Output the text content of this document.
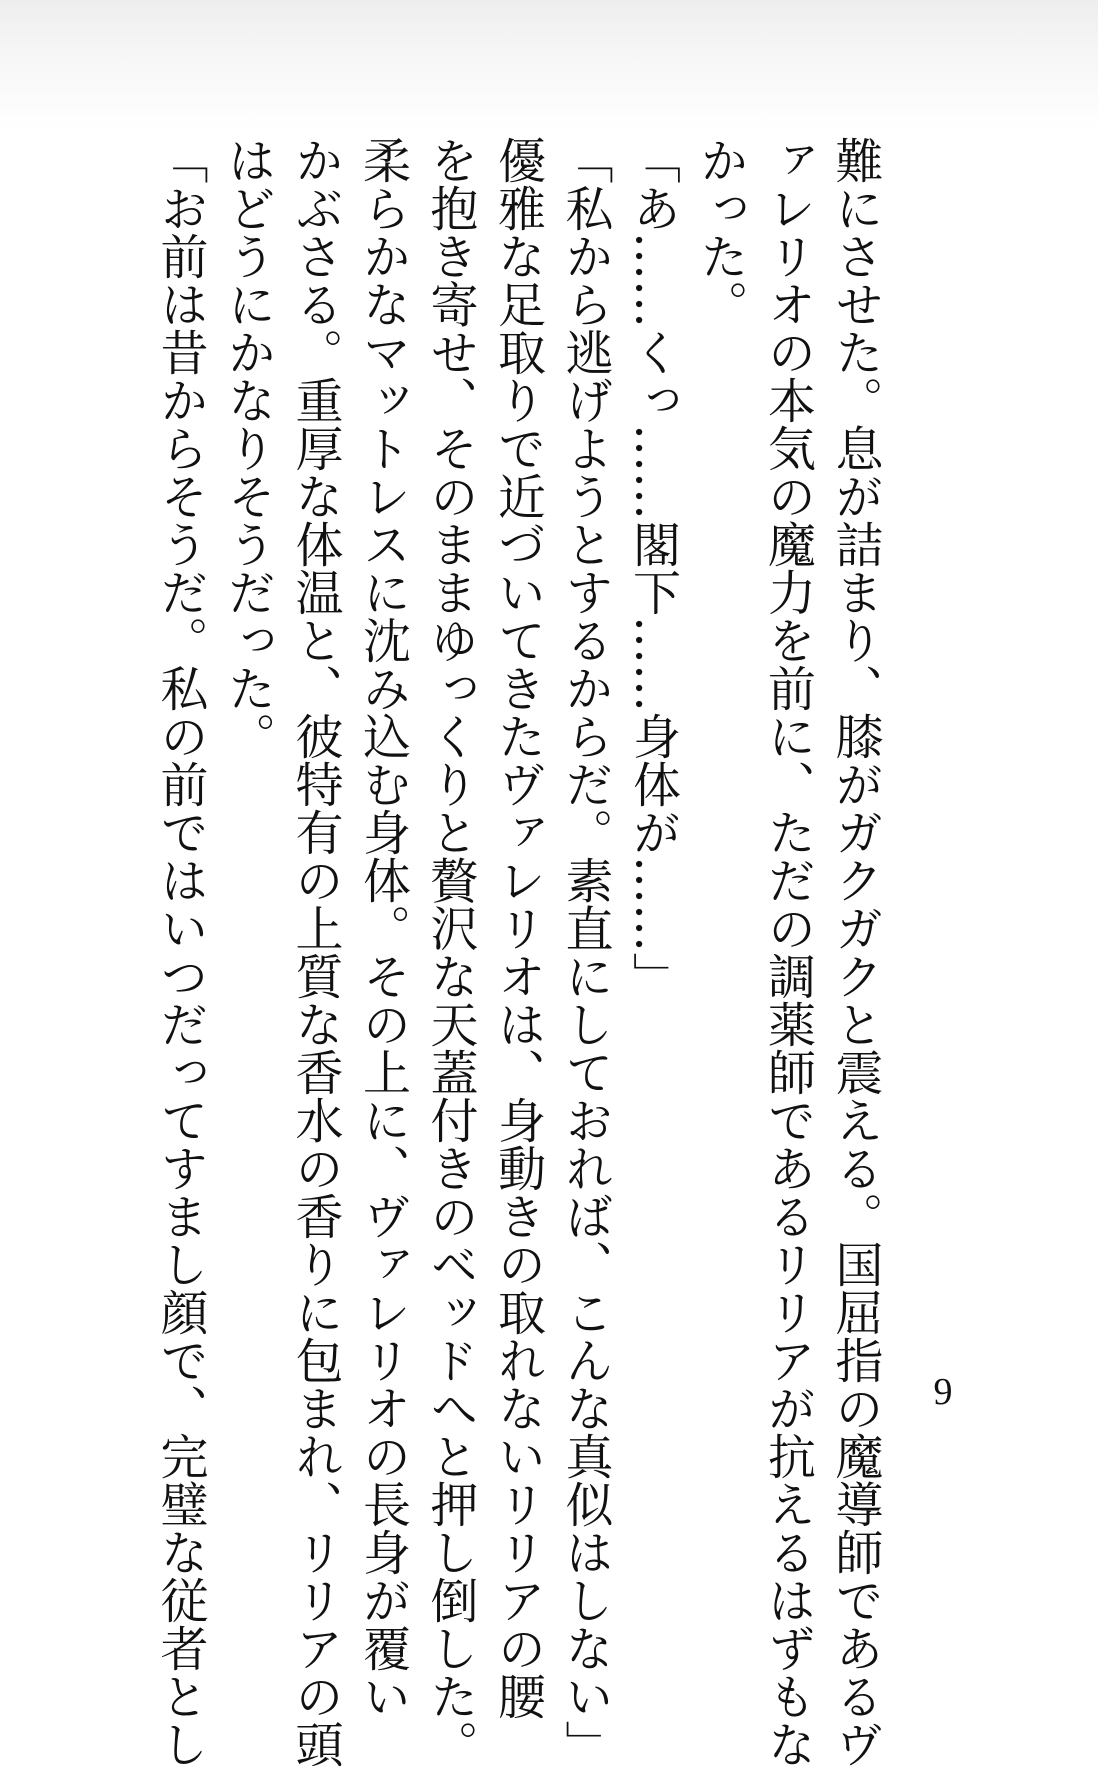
難にさせた。息が詰まり、膝がガクガクと震える。国屈指の魔導師であるヴ
ァレリオの本気の魔力を前に、ただの調薬師であるリリアが抗えるはずもな
かった。
「あ……くっ……閣下……身体が……」
「私から逃げようとするからだ。素直にしておれば、こんな真似はしない」
優雅な足取りで近づいてきたヴァレリオは、身動きの取れないリリアの腰
を抱き寄せ、そのままゆっくりと贅沢な天蓋付きのベッドへと押し倒した。
柔らかなマットレスに沈み込む身体。その上に、ヴァレリオの長身が覆い
かぶさる。重厚な体温と、彼特有の上質な香水の香りに包まれ、リリアの頭
はどうにかなりそうだった。
「お前は昔からそうだ。私の前ではいつだってすまし顔で、完璧な従者とし	9
